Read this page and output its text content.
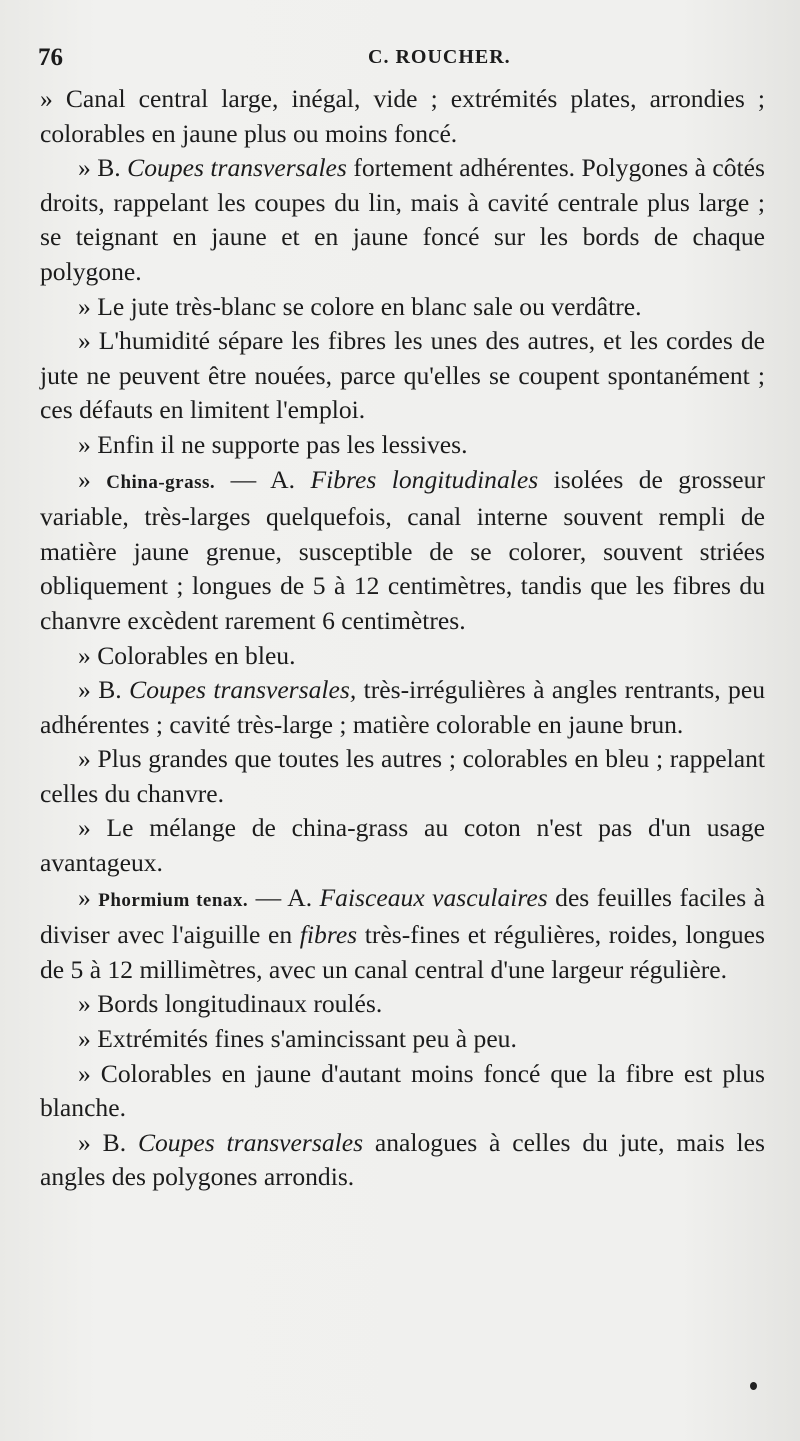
76	C. ROUCHER.

» Canal central large, inégal, vide ; extrémités plates, arrondies ; colorables en jaune plus ou moins foncé.

» B. Coupes transversales fortement adhérentes. Polygones à côtés droits, rappelant les coupes du lin, mais à cavité centrale plus large ; se teignant en jaune et en jaune foncé sur les bords de chaque polygone.

» Le jute très-blanc se colore en blanc sale ou verdâtre.

» L'humidité sépare les fibres les unes des autres, et les cordes de jute ne peuvent être nouées, parce qu'elles se coupent spontanément ; ces défauts en limitent l'emploi.

» Enfin il ne supporte pas les lessives.

» China-grass. — A. Fibres longitudinales isolées de grosseur variable, très-larges quelquefois, canal interne souvent rempli de matière jaune grenue, susceptible de se colorer, souvent striées obliquement ; longues de 5 à 12 centimètres, tandis que les fibres du chanvre excèdent rarement 6 centimètres.

» Colorables en bleu.

» B. Coupes transversales, très-irrégulières à angles rentrants, peu adhérentes ; cavité très-large ; matière colorable en jaune brun.

» Plus grandes que toutes les autres ; colorables en bleu ; rappelant celles du chanvre.

» Le mélange de china-grass au coton n'est pas d'un usage avantageux.

» Phormium tenax. — A. Faisceaux vasculaires des feuilles faciles à diviser avec l'aiguille en fibres très-fines et régulières, roides, longues de 5 à 12 millimètres, avec un canal central d'une largeur régulière.

» Bords longitudinaux roulés.

» Extrémités fines s'amincissant peu à peu.

» Colorables en jaune d'autant moins foncé que la fibre est plus blanche.

» B. Coupes transversales analogues à celles du jute, mais les angles des polygones arrondis.
